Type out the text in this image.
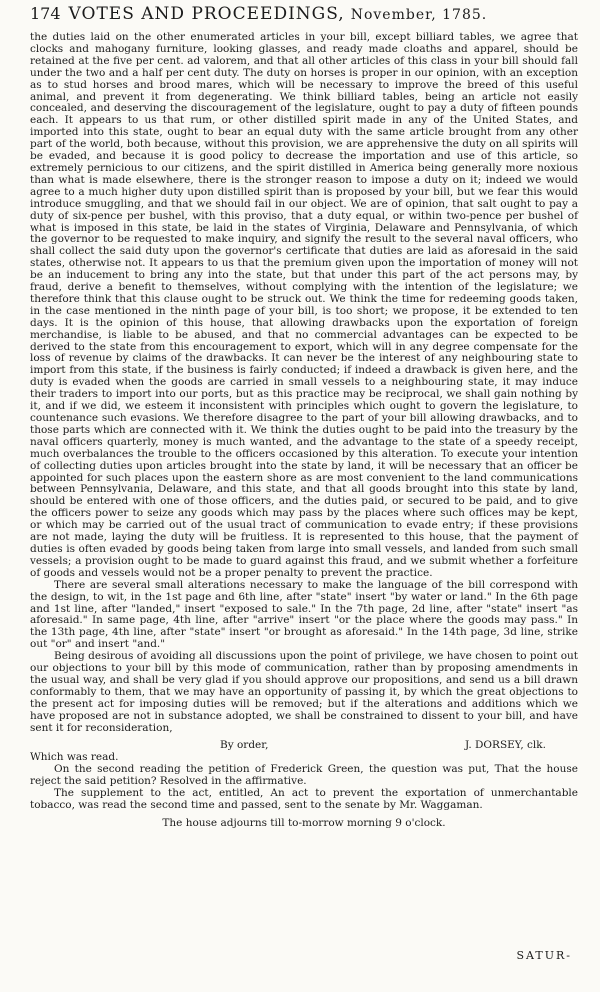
174 VOTES AND PROCEEDINGS, November, 1785.

the duties laid on the other enumerated articles in your bill, except billiard tables, we agree that clocks and mahogany furniture, looking glasses, and ready made cloaths and apparel, should be retained at the five per cent. ad valorem, and that all other articles of this class in your bill should fall under the two and a half per cent duty. The duty on horses is proper in our opinion, with an exception as to stud horses and brood mares, which will be necessary to improve the breed of this useful animal, and prevent it from degenerating. We think billiard tables, being an article not easily concealed, and deserving the discouragement of the legislature, ought to pay a duty of fifteen pounds each. It appears to us that rum, or other distilled spirit made in any of the United States, and imported into this state, ought to bear an equal duty with the same article brought from any other part of the world, both because, without this provision, we are apprehensive the duty on all spirits will be evaded, and because it is good policy to decrease the importation and use of this article, so extremely pernicious to our citizens, and the spirit distilled in America being generally more noxious than what is made elsewhere, there is the stronger reason to impose a duty on it; indeed we would agree to a much higher duty upon distilled spirit than is proposed by your bill, but we fear this would introduce smuggling, and that we should fail in our object. We are of opinion, that salt ought to pay a duty of six-pence per bushel, with this proviso, that a duty equal, or within two-pence per bushel of what is imposed in this state, be laid in the states of Virginia, Delaware and Pennsylvania, of which the governor to be requested to make inquiry, and signify the result to the several naval officers, who shall collect the said duty upon the governor's certificate that duties are laid as aforesaid in the said states, otherwise not. It appears to us that the premium given upon the importation of money will not be an inducement to bring any into the state, but that under this part of the act persons may, by fraud, derive a benefit to themselves, without complying with the intention of the legislature; we therefore think that this clause ought to be struck out. We think the time for redeeming goods taken, in the case mentioned in the ninth page of your bill, is too short; we propose, it be extended to ten days. It is the opinion of this house, that allowing drawbacks upon the exportation of foreign merchandise, is liable to be abused, and that no commercial advantages can be expected to be derived to the state from this encouragement to export, which will in any degree compensate for the loss of revenue by claims of the drawbacks. It can never be the interest of any neighbouring state to import from this state, if the business is fairly conducted; if indeed a drawback is given here, and the duty is evaded when the goods are carried in small vessels to a neighbouring state, it may induce their traders to import into our ports, but as this practice may be reciprocal, we shall gain nothing by it, and if we did, we esteem it inconsistent with principles which ought to govern the legislature, to countenance such evasions. We therefore disagree to the part of your bill allowing drawbacks, and to those parts which are connected with it. We think the duties ought to be paid into the treasury by the naval officers quarterly, money is much wanted, and the advantage to the state of a speedy receipt, much overbalances the trouble to the officers occasioned by this alteration. To execute your intention of collecting duties upon articles brought into the state by land, it will be necessary that an officer be appointed for such places upon the eastern shore as are most convenient to the land communications between Pennsylvania, Delaware, and this state, and that all goods brought into this state by land, should be entered with one of those officers, and the duties paid, or secured to be paid, and to give the officers power to seize any goods which may pass by the places where such offices may be kept, or which may be carried out of the usual tract of communication to evade entry; if these provisions are not made, laying the duty will be fruitless. It is represented to this house, that the payment of duties is often evaded by goods being taken from large into small vessels, and landed from such small vessels; a provision ought to be made to guard against this fraud, and we submit whether a forfeiture of goods and vessels would not be a proper penalty to prevent the practice.

There are several small alterations necessary to make the language of the bill correspond with the design, to wit, in the 1st page and 6th line, after "state" insert "by water or land." In the 6th page and 1st line, after "landed," insert "exposed to sale." In the 7th page, 2d line, after "state" insert "as aforesaid." In same page, 4th line, after "arrive" insert "or the place where the goods may pass." In the 13th page, 4th line, after "state" insert "or brought as aforesaid." In the 14th page, 3d line, strike out "or" and insert "and."

Being desirous of avoiding all discussions upon the point of privilege, we have chosen to point out our objections to your bill by this mode of communication, rather than by proposing amendments in the usual way, and shall be very glad if you should approve our propositions, and send us a bill drawn conformably to them, that we may have an opportunity of passing it, by which the great objections to the present act for imposing duties will be removed; but if the alterations and additions which we have proposed are not in substance adopted, we shall be constrained to dissent to your bill, and have sent it for reconsideration,

By order,	J. DORSEY, clk.

Which was read.

On the second reading the petition of Frederick Green, the question was put, That the house reject the said petition? Resolved in the affirmative.

The supplement to the act, entitled, An act to prevent the exportation of unmerchantable tobacco, was read the second time and passed, sent to the senate by Mr. Waggaman.

The house adjourns till to-morrow morning 9 o'clock.
SATUR-
